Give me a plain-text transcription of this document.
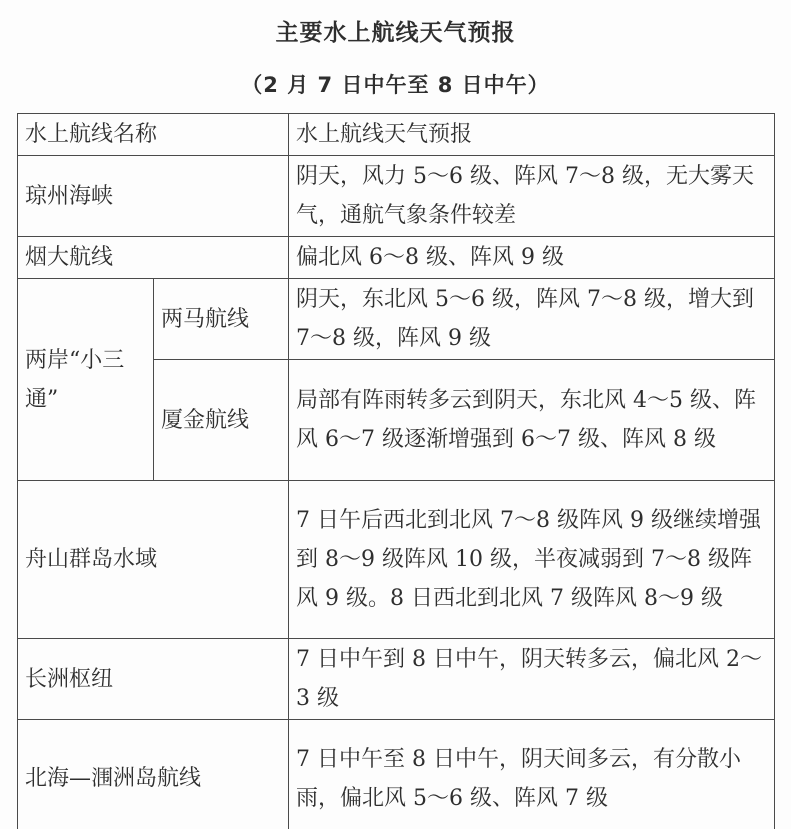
主要水上航线天气预报
（2 月 7 日中午至 8 日中午）
水上航线名称		水上航线天气预报
琼州海峡		阴天，风力 5～6 级、阵风 7～8 级，无大雾天气，通航气象条件较差
烟大航线		偏北风 6～8 级、阵风 9 级
两岸“小三通”	两马航线	阴天，东北风 5～6 级，阵风 7～8 级，增大到 7～8 级，阵风 9 级
	厦金航线	局部有阵雨转多云到阴天，东北风 4～5 级、阵风 6～7 级逐渐增强到 6～7 级、阵风 8 级
舟山群岛水域		7 日午后西北到北风 7～8 级阵风 9 级继续增强到 8～9 级阵风 10 级，半夜减弱到 7～8 级阵风 9 级。8 日西北到北风 7 级阵风 8～9 级
长洲枢纽		7 日中午到 8 日中午，阴天转多云，偏北风 2～3 级
北海—涠洲岛航线		7 日中午至 8 日中午，阴天间多云，有分散小雨，偏北风 5～6 级、阵风 7 级
